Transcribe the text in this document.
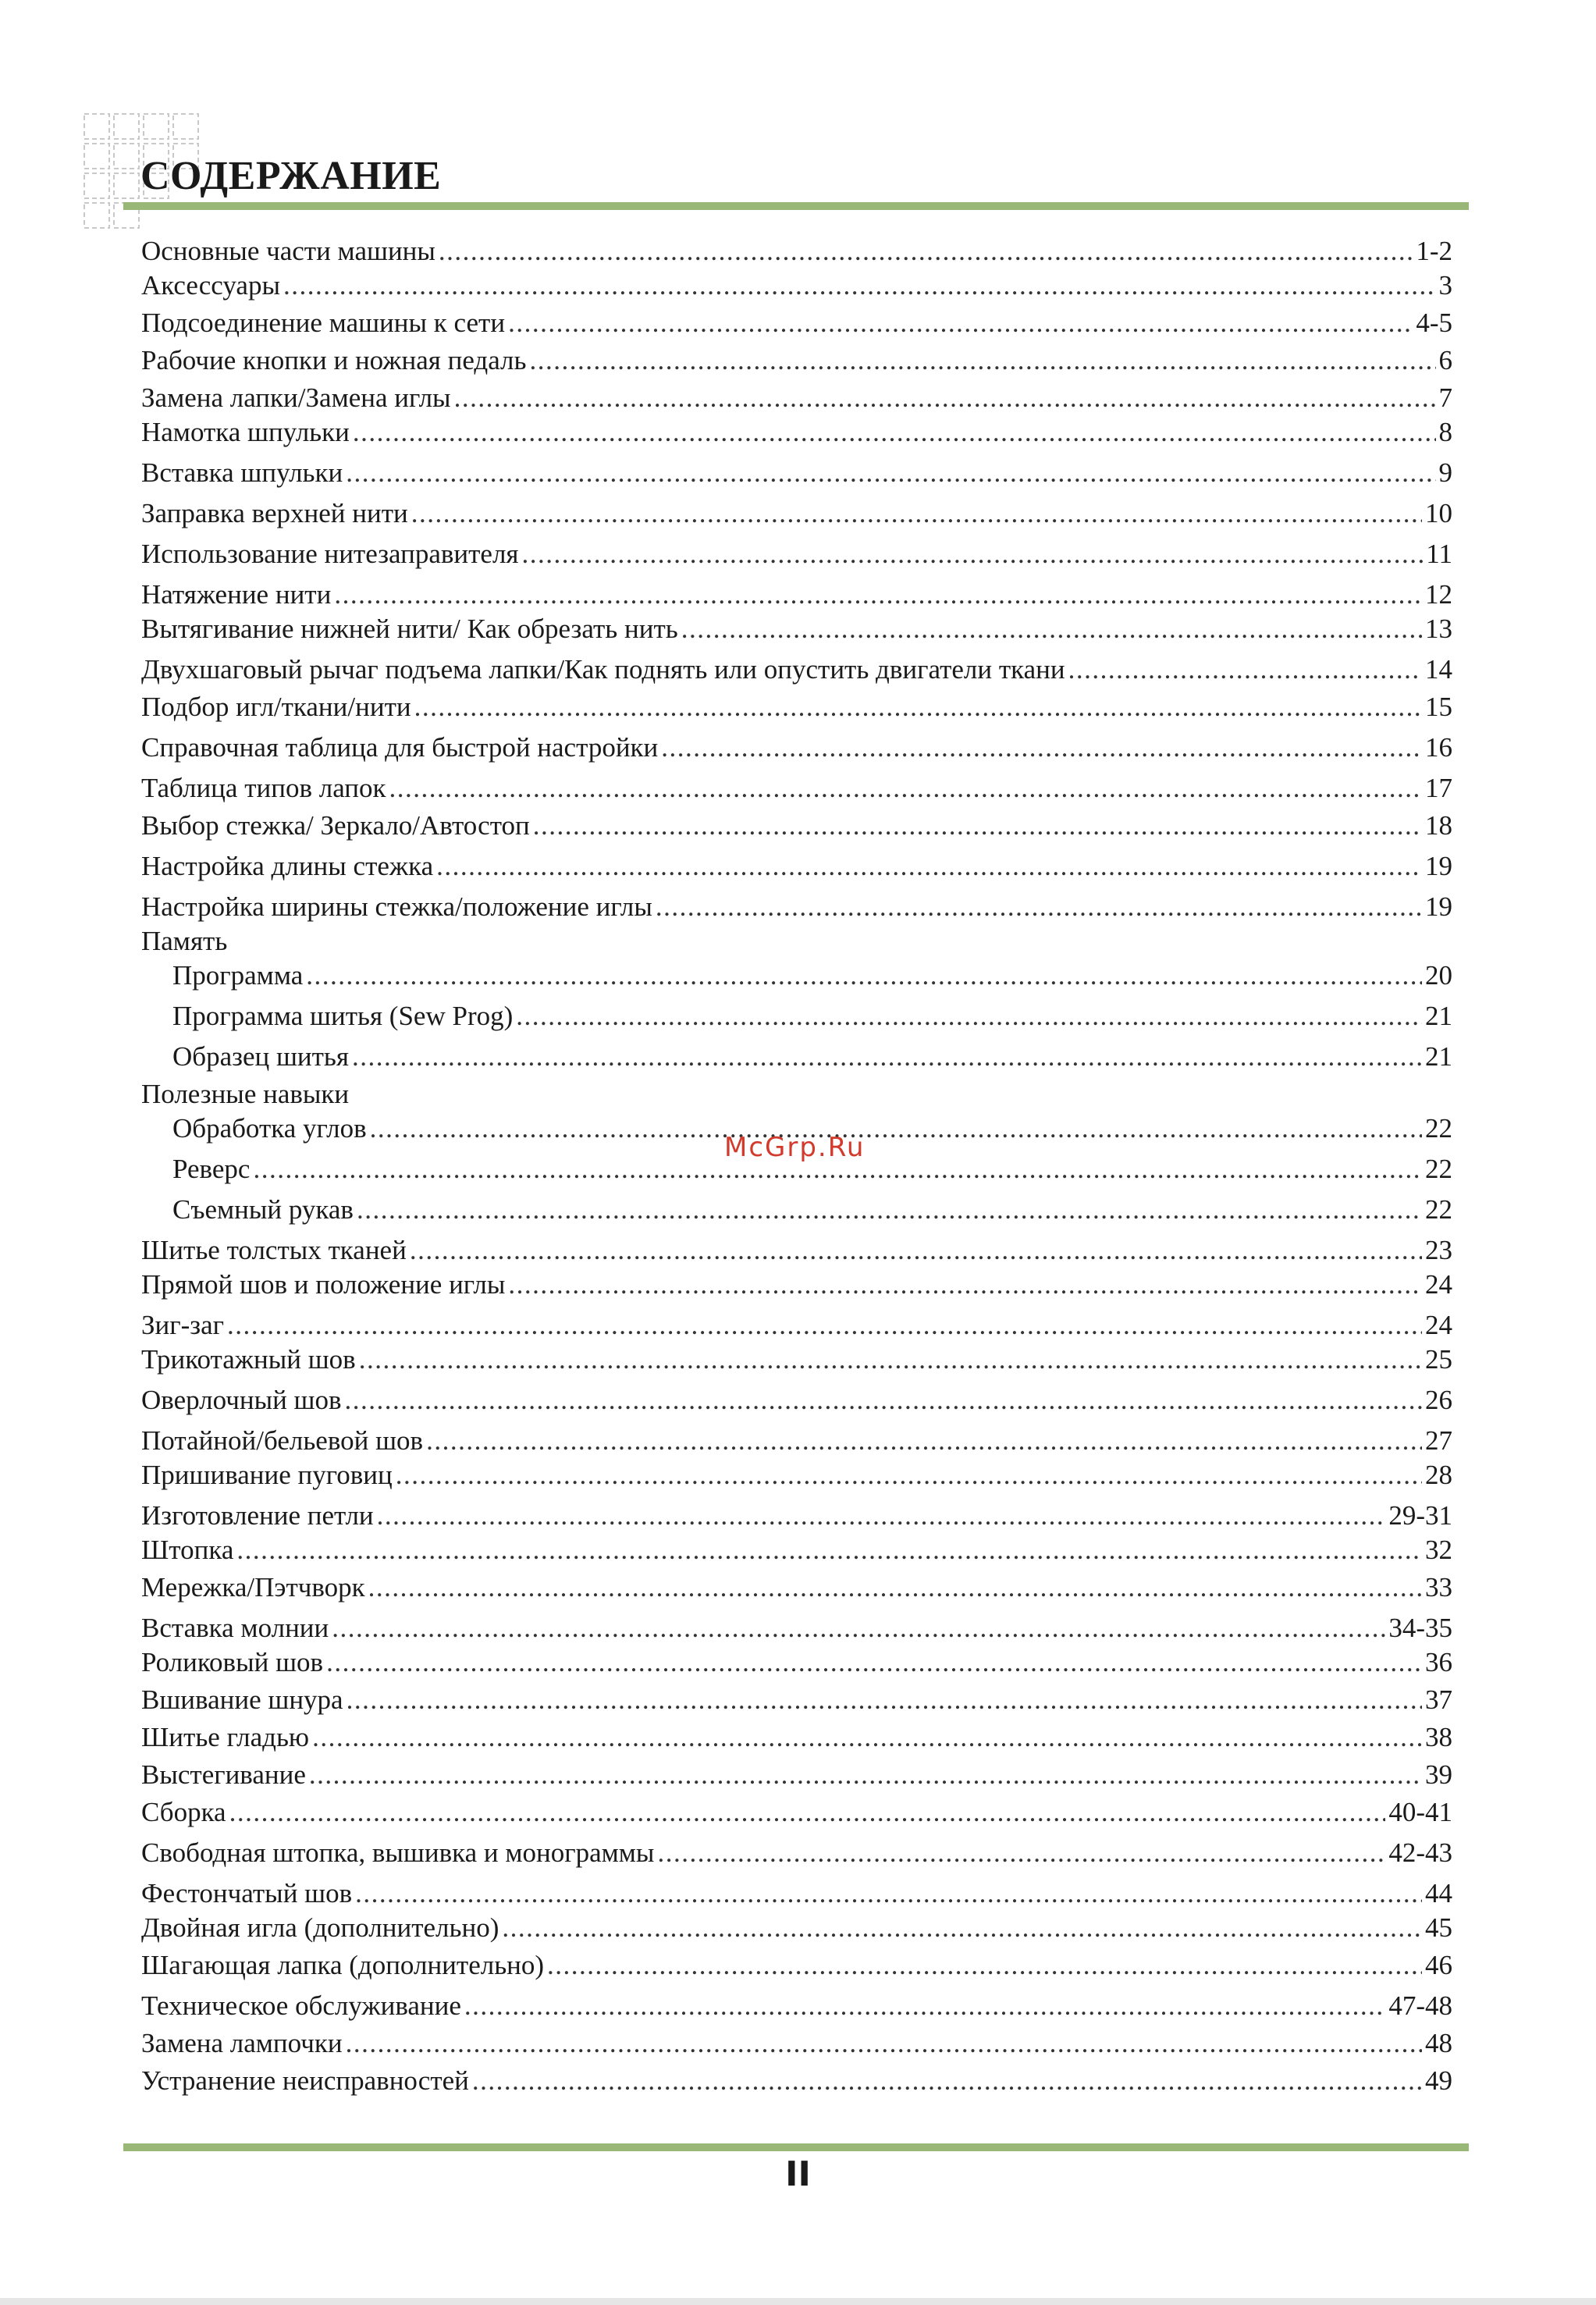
СОДЕРЖАНИЕ
Основные части машины .....	1-2
Аксессуары .....	3
Подсоединение машины к сети .....	4-5
Рабочие кнопки и ножная педаль .....	6
Замена лапки/Замена иглы .....	7
Намотка шпульки .....	8
Вставка шпульки .....	9
Заправка верхней нити .....	10
Использование нитезаправителя .....	11
Натяжение нити .....	12
Вытягивание нижней нити/ Как обрезать нить .....	13
Двухшаговый рычаг подъема лапки/Как поднять или опустить двигатели ткани .....	14
Подбор игл/ткани/нити .....	15
Справочная таблица для быстрой настройки .....	16
Таблица типов лапок .....	17
Выбор стежка/ Зеркало/Автостоп .....	18
Настройка длины стежка .....	19
Настройка ширины стежка/положение иглы .....	19
Память
Программа .....	20
Программа шитья (Sew Prog) .....	21
Образец шитья .....	21
Полезные навыки
Обработка углов .....	22
Реверс .....	22
Съемный рукав .....	22
Шитье толстых тканей .....	23
Прямой шов и положение иглы .....	24
Зиг-заг .....	24
Трикотажный шов .....	25
Оверлочный шов .....	26
Потайной/бельевой шов .....	27
Пришивание пуговиц .....	28
Изготовление петли .....	29-31
Штопка .....	32
Мережка/Пэтчворк .....	33
Вставка молнии .....	34-35
Роликовый шов .....	36
Вшивание шнура .....	37
Шитье гладью .....	38
Выстегивание .....	39
Сборка .....	40-41
Свободная штопка, вышивка и монограммы .....	42-43
Фестончатый шов .....	44
Двойная игла (дополнительно) .....	45
Шагающая лапка (дополнительно) .....	46
Техническое обслуживание .....	47-48
Замена лампочки .....	48
Устранение неисправностей .....	49
McGrp.Ru
II
